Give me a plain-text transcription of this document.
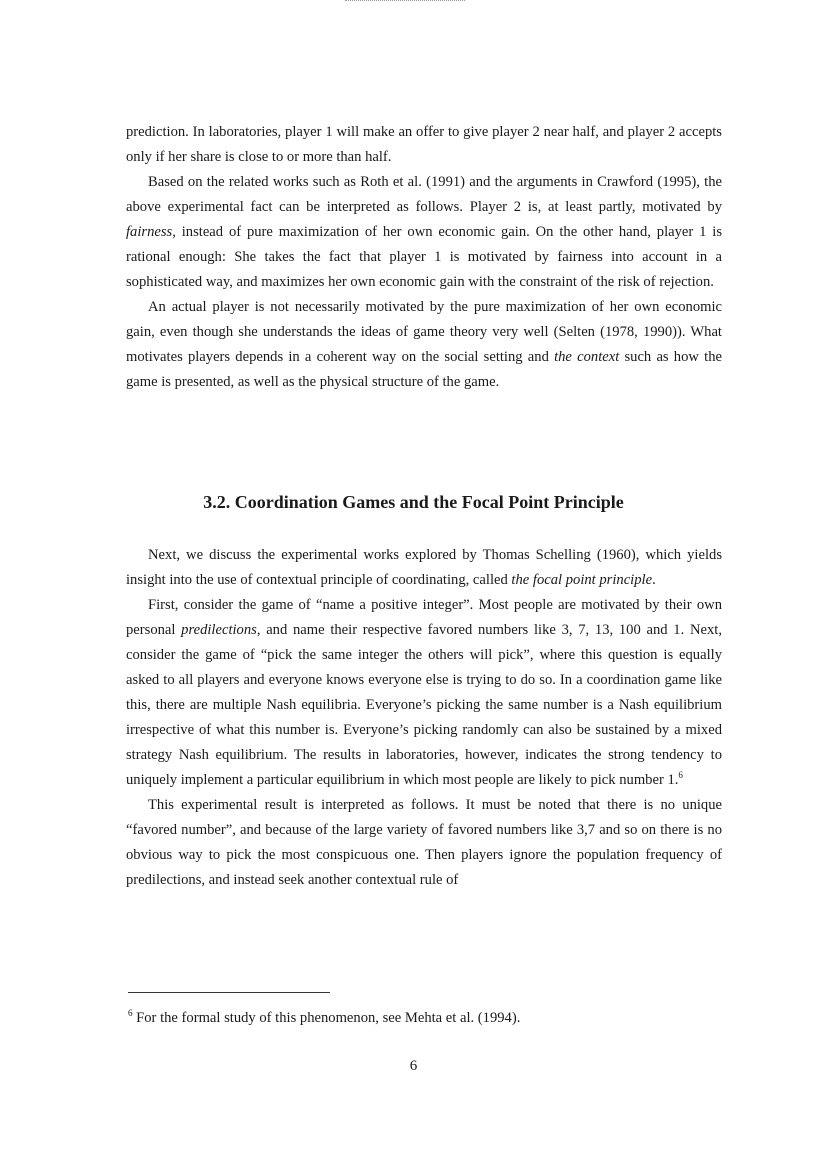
prediction. In laboratories, player 1 will make an offer to give player 2 near half, and player 2 accepts only if her share is close to or more than half.

Based on the related works such as Roth et al. (1991) and the arguments in Crawford (1995), the above experimental fact can be interpreted as follows. Player 2 is, at least partly, motivated by fairness, instead of pure maximization of her own economic gain. On the other hand, player 1 is rational enough: She takes the fact that player 1 is motivated by fairness into account in a sophisticated way, and maximizes her own economic gain with the constraint of the risk of rejection.

An actual player is not necessarily motivated by the pure maximization of her own economic gain, even though she understands the ideas of game theory very well (Selten (1978, 1990)). What motivates players depends in a coherent way on the social setting and the context such as how the game is presented, as well as the physical structure of the game.

3.2. Coordination Games and the Focal Point Principle

Next, we discuss the experimental works explored by Thomas Schelling (1960), which yields insight into the use of contextual principle of coordinating, called the focal point principle.

First, consider the game of “name a positive integer”. Most people are motivated by their own personal predilections, and name their respective favored numbers like 3, 7, 13, 100 and 1. Next, consider the game of “pick the same integer the others will pick”, where this question is equally asked to all players and everyone knows everyone else is trying to do so. In a coordination game like this, there are multiple Nash equilibria. Everyone’s picking the same number is a Nash equilibrium irrespective of what this number is. Everyone’s picking randomly can also be sustained by a mixed strategy Nash equilibrium. The results in laboratories, however, indicates the strong tendency to uniquely implement a particular equilibrium in which most people are likely to pick number 1.$^6$

This experimental result is interpreted as follows. It must be noted that there is no unique “favored number”, and because of the large variety of favored numbers like 3,7 and so on there is no obvious way to pick the most conspicuous one. Then players ignore the population frequency of predilections, and instead seek another contextual rule of

$^6$ For the formal study of this phenomenon, see Mehta et al. (1994).
6
